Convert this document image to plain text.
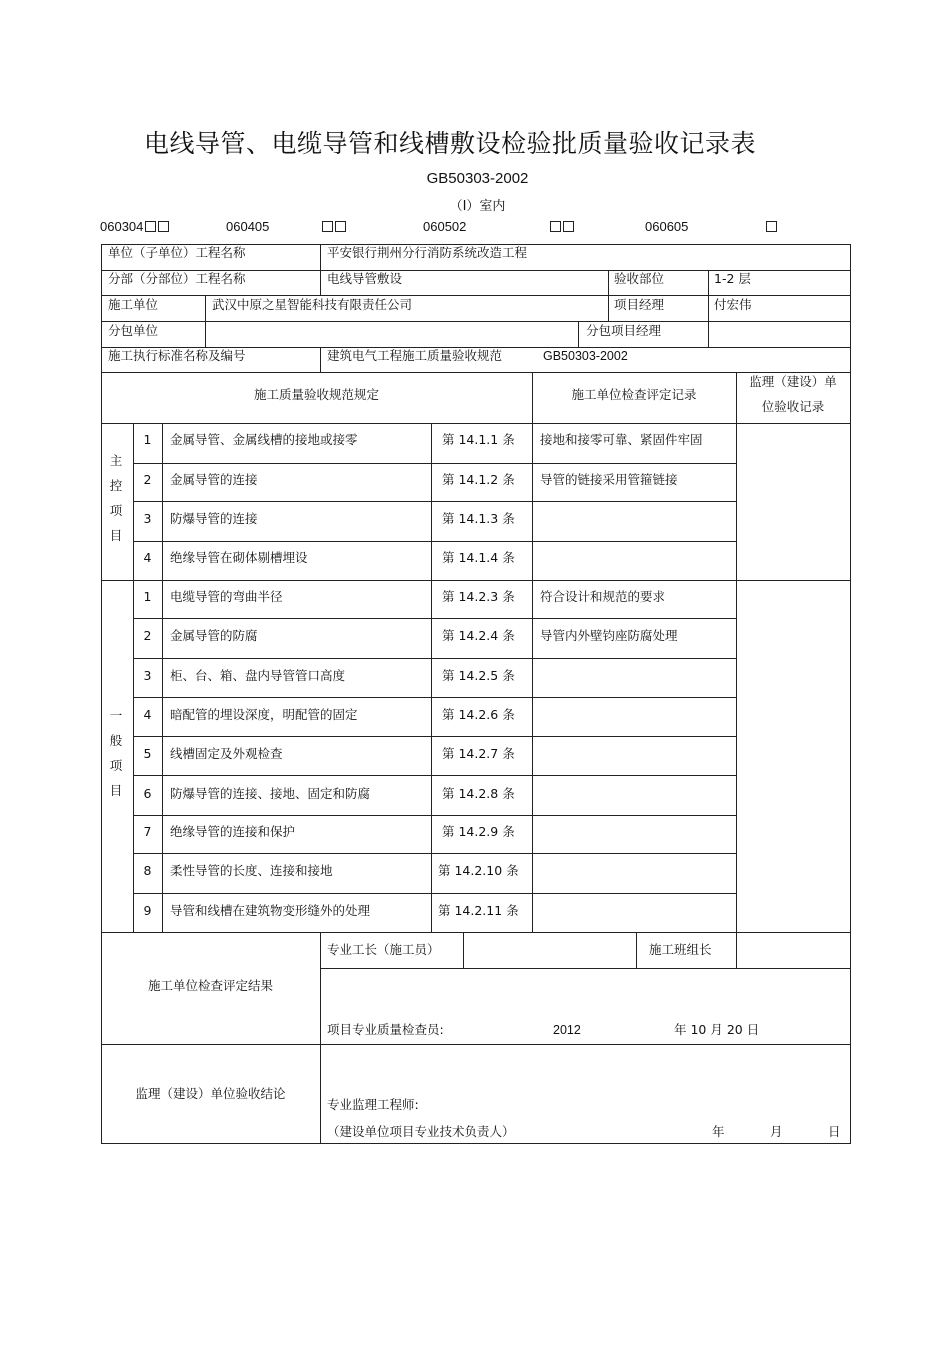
电线导管、电缆导管和线槽敷设检验批质量验收记录表
GB50303-2002
（Ⅰ）室内
060304	060405	060502	060605
单位（子单位）工程名称	平安银行荆州分行消防系统改造工程
分部（分部位）工程名称	电线导管敷设	验收部位	1-2 层
施工单位	武汉中原之星智能科技有限责任公司	项目经理	付宏伟
分包单位	分包项目经理
施工执行标准名称及编号	建筑电气工程施工质量验收规范	GB50303-2002
施工质量验收规范规定	施工单位检查评定记录
监理（建设）单
位验收记录
主
控
项
目
一
般
项
目
1	金属导管、金属线槽的接地或接零	第 14.1.1 条 接地和接零可靠、紧固件牢固
2	金属导管的连接	第 14.1.2 条 导管的链接采用管箍链接
3	防爆导管的连接	第 14.1.3 条
4	绝缘导管在砌体剔槽埋设	第 14.1.4 条
1	电缆导管的弯曲半径	第 14.2.3 条 符合设计和规范的要求
2	金属导管的防腐	第 14.2.4 条 导管内外壁钧座防腐处理
3	柜、台、箱、盘内导管管口高度	第 14.2.5 条
4	暗配管的埋设深度，明配管的固定	第 14.2.6 条
5	线槽固定及外观检查	第 14.2.7 条
6	防爆导管的连接、接地、固定和防腐	第 14.2.8 条
7	绝缘导管的连接和保护	第 14.2.9 条
8	柔性导管的长度、连接和接地	第 14.2.10 条
9	导管和线槽在建筑物变形缝外的处理	第 14.2.11 条
施工单位检查评定结果
专业工长（施工员）	施工班组长
项目专业质量检查员:	2012	年 10 月 20 日
监理（建设）单位验收结论
专业监理工程师:
（建设单位项目专业技术负责人）	年	月	日
